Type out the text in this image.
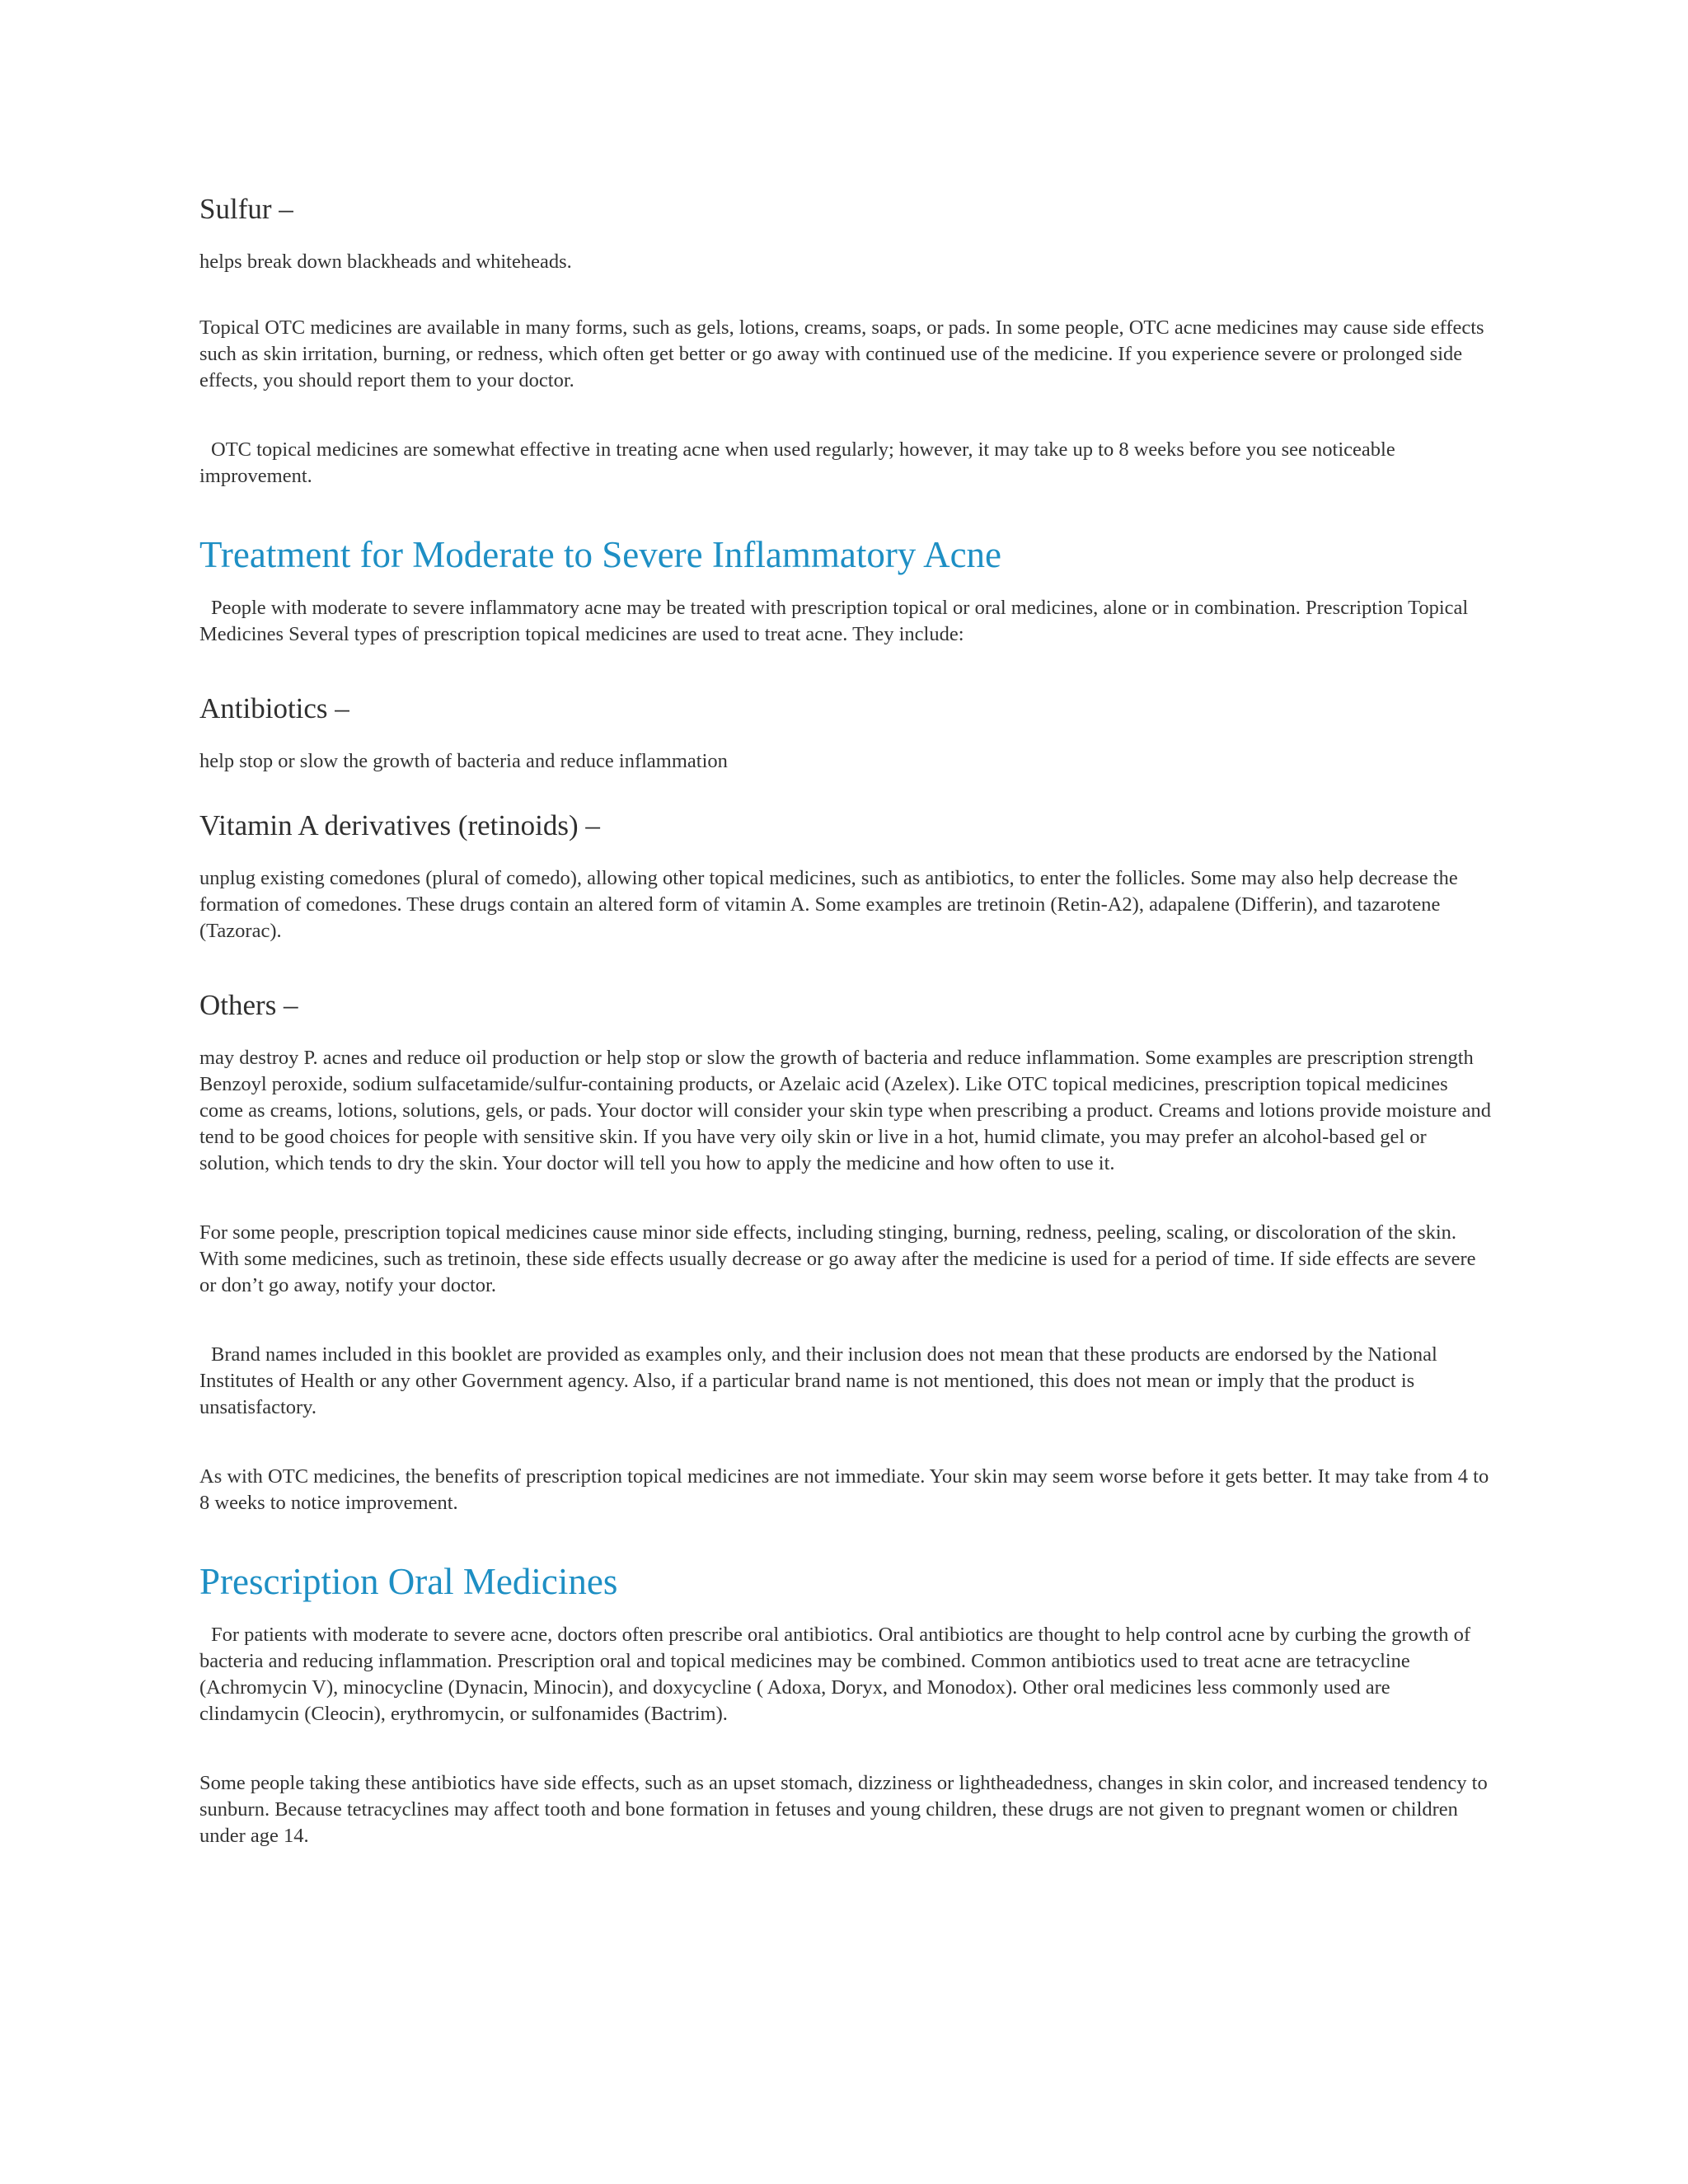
Sulfur –

helps break down blackheads and whiteheads.

Topical OTC medicines are available in many forms, such as gels, lotions, creams, soaps, or pads. In some people, OTC acne medicines may cause side effects such as skin irritation, burning, or redness, which often get better or go away with continued use of the medicine. If you experience severe or prolonged side effects, you should report them to your doctor.

OTC topical medicines are somewhat effective in treating acne when used regularly; however, it may take up to 8 weeks before you see noticeable improvement.

Treatment for Moderate to Severe Inflammatory Acne

People with moderate to severe inflammatory acne may be treated with prescription topical or oral medicines, alone or in combination. Prescription Topical Medicines Several types of prescription topical medicines are used to treat acne. They include:

Antibiotics –

help stop or slow the growth of bacteria and reduce inflammation

Vitamin A derivatives (retinoids) –

unplug existing comedones (plural of comedo), allowing other topical medicines, such as antibiotics, to enter the follicles. Some may also help decrease the formation of comedones. These drugs contain an altered form of vitamin A. Some examples are tretinoin (Retin-A2), adapalene (Differin), and tazarotene (Tazorac).

Others –

may destroy P. acnes and reduce oil production or help stop or slow the growth of bacteria and reduce inflammation. Some examples are prescription strength Benzoyl peroxide, sodium sulfacetamide/sulfur-containing products, or Azelaic acid (Azelex). Like OTC topical medicines, prescription topical medicines come as creams, lotions, solutions, gels, or pads. Your doctor will consider your skin type when prescribing a product. Creams and lotions provide moisture and tend to be good choices for people with sensitive skin. If you have very oily skin or live in a hot, humid climate, you may prefer an alcohol-based gel or solution, which tends to dry the skin. Your doctor will tell you how to apply the medicine and how often to use it.

For some people, prescription topical medicines cause minor side effects, including stinging, burning, redness, peeling, scaling, or discoloration of the skin. With some medicines, such as tretinoin, these side effects usually decrease or go away after the medicine is used for a period of time. If side effects are severe or don’t go away, notify your doctor.

Brand names included in this booklet are provided as examples only, and their inclusion does not mean that these products are endorsed by the National Institutes of Health or any other Government agency. Also, if a particular brand name is not mentioned, this does not mean or imply that the product is unsatisfactory.

As with OTC medicines, the benefits of prescription topical medicines are not immediate. Your skin may seem worse before it gets better. It may take from 4 to 8 weeks to notice improvement.

Prescription Oral Medicines

For patients with moderate to severe acne, doctors often prescribe oral antibiotics. Oral antibiotics are thought to help control acne by curbing the growth of bacteria and reducing inflammation. Prescription oral and topical medicines may be combined. Common antibiotics used to treat acne are tetracycline (Achromycin V), minocycline (Dynacin, Minocin), and doxycycline ( Adoxa, Doryx, and Monodox). Other oral medicines less commonly used are clindamycin (Cleocin), erythromycin, or sulfonamides (Bactrim).

Some people taking these antibiotics have side effects, such as an upset stomach, dizziness or lightheadedness, changes in skin color, and increased tendency to sunburn. Because tetracyclines may affect tooth and bone formation in fetuses and young children, these drugs are not given to pregnant women or children under age 14.
